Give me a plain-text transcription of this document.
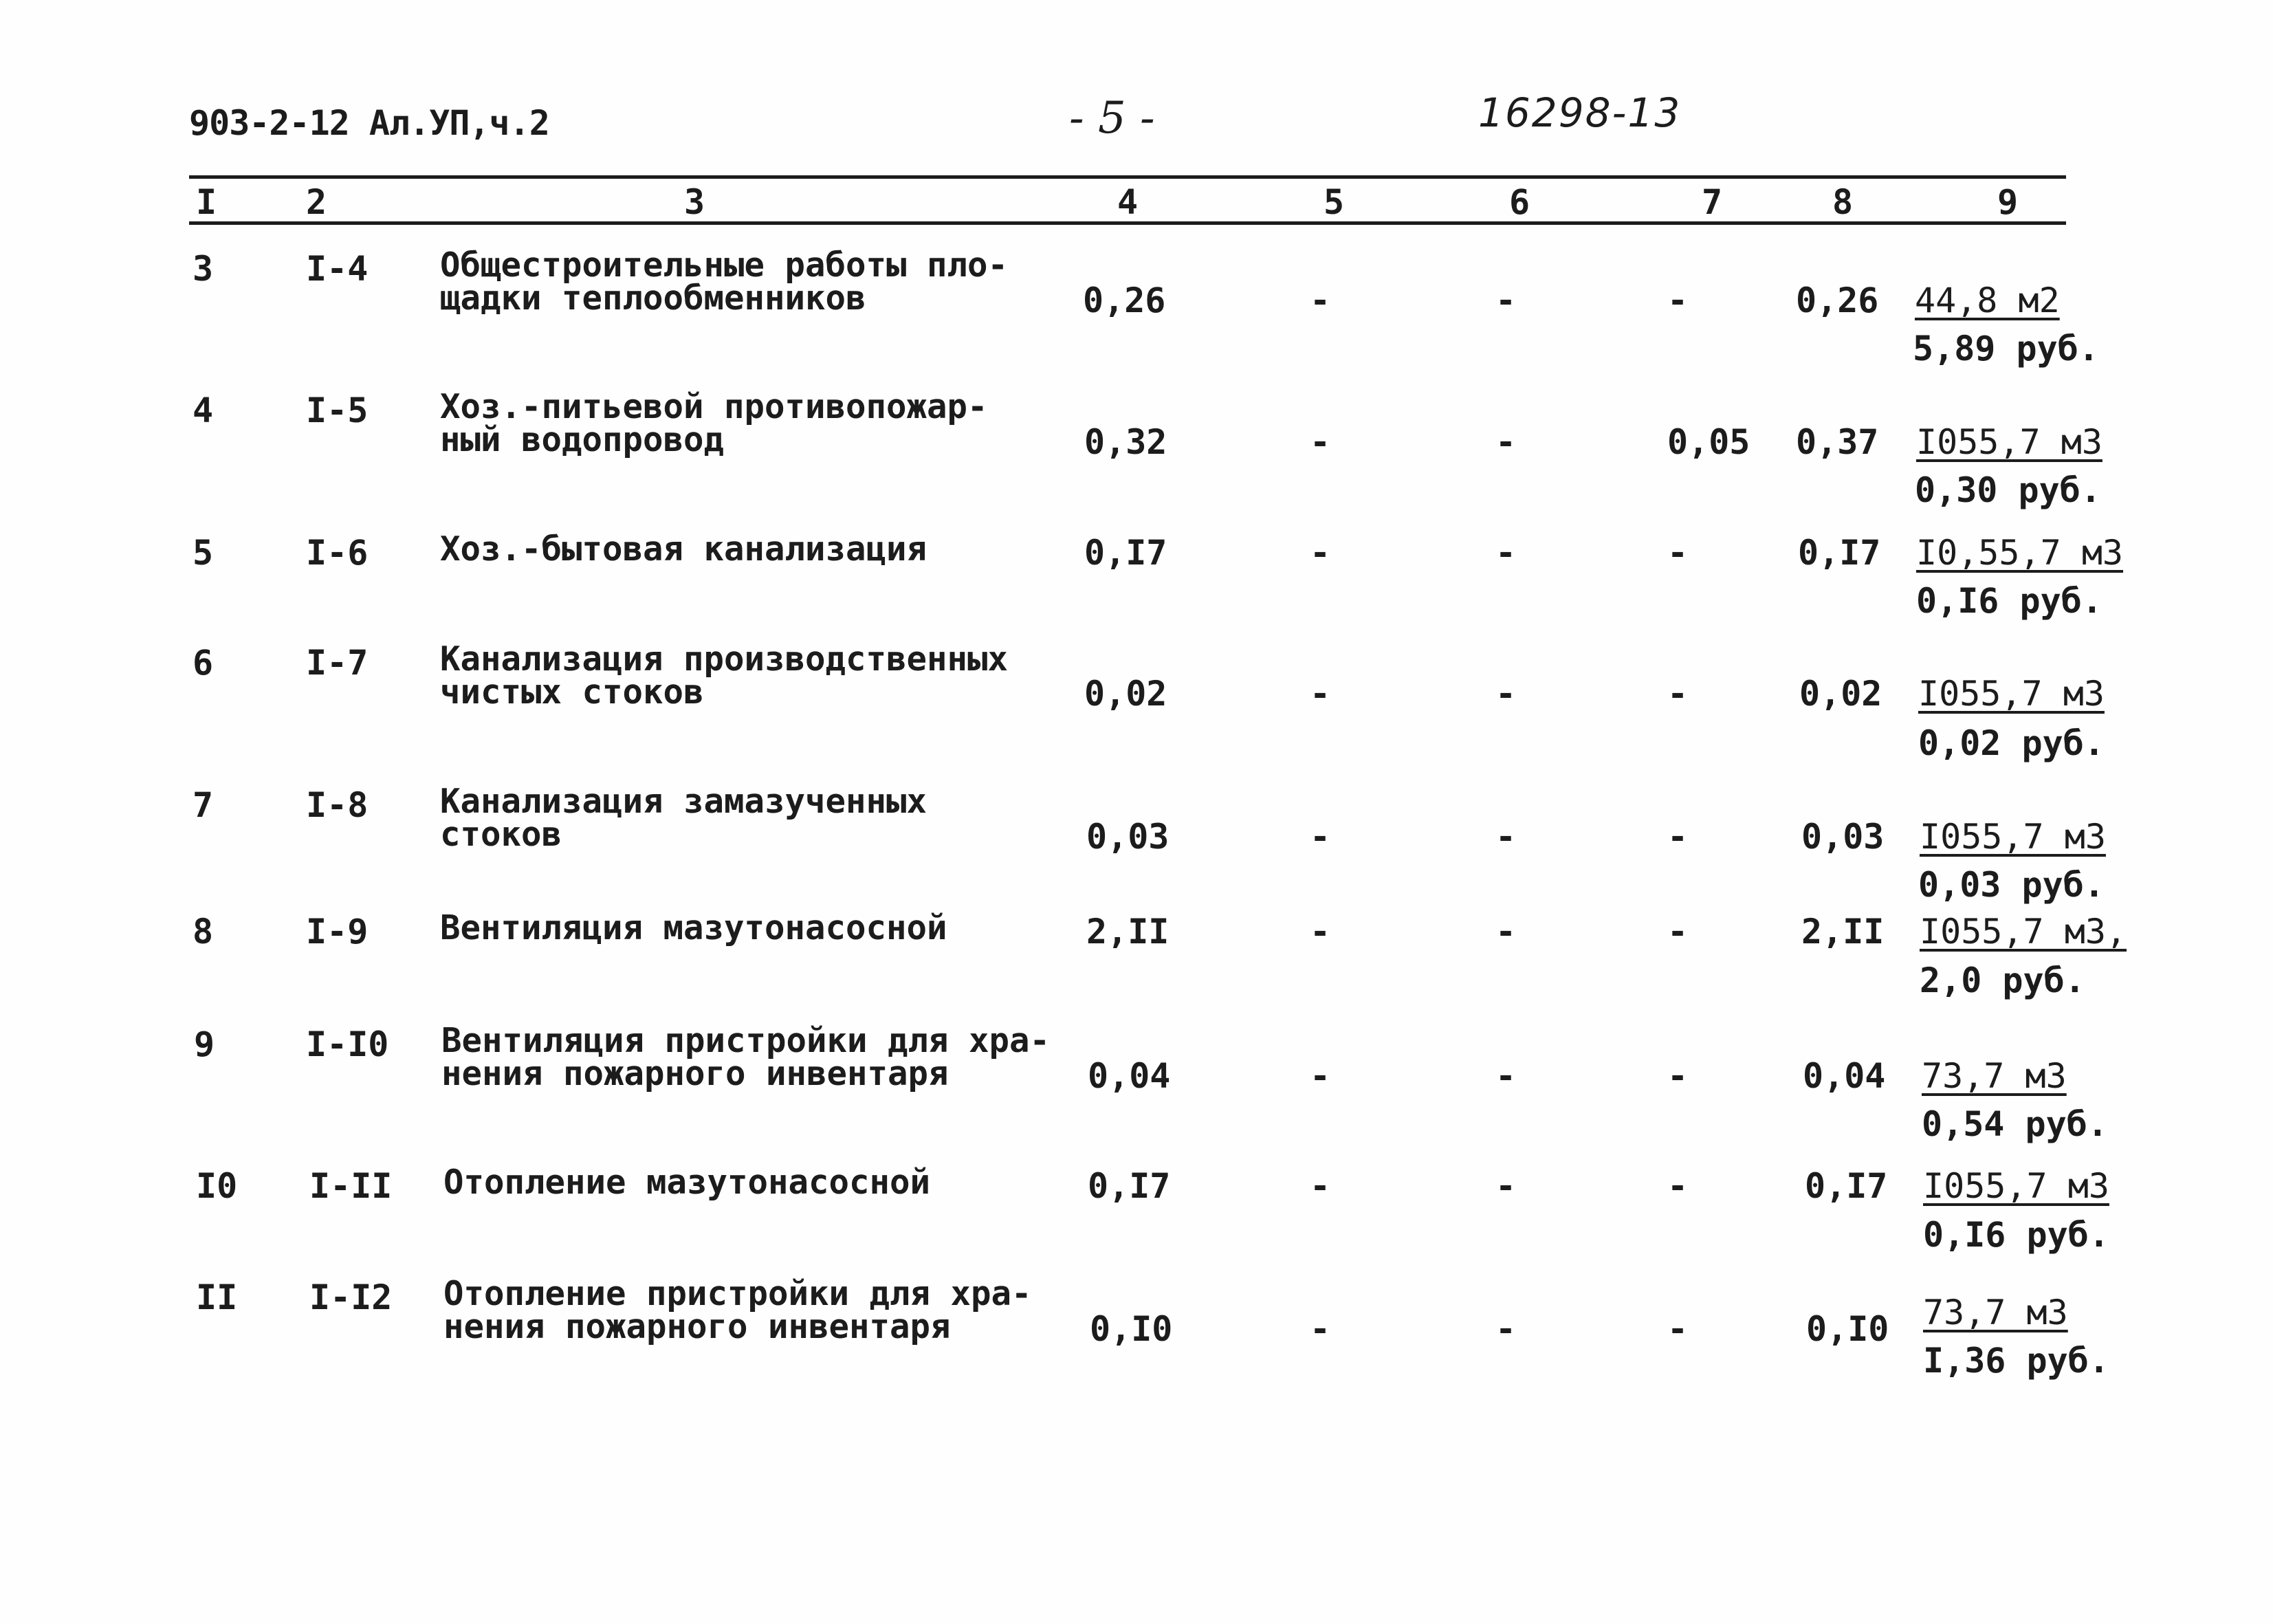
903-2-12 Ал.УП,ч.2	- 5 -	16298-13
I	2	3	4	5	6	7	8	9
3	I-4 Общестроительные работы пло-
щадки теплообменников	0,26	-	-	-	0,26 44,8 м2
5,89 руб.
4	I-5 Хоз.-питьевой противопожар-
ный водопровод	0,32	-	-	0,05 0,37 I055,7 м3
0,30 руб.
5	I-6 Хоз.-бытовая канализация	0,I7	-	-	-	0,I7 I0,55,7 м3
0,I6 руб.
6	I-7 Канализация производственных
чистых стоков	0,02	-	-	-	0,02 I055,7 м3
0,02 руб.
7	I-8 Канализация замазученных
стоков	0,03	-	-	-	0,03 I055,7 м3
0,03 руб.
8	I-9 Вентиляция мазутонасосной	2,II	-	-	-	2,II I055,7 м3,
2,0 руб.
9	I-I0 Вентиляция пристройки для хра-
нения пожарного инвентаря	0,04	-	-	-	0,04 73,7 м3
0,54 руб.
I0 I-II Отопление мазутонасосной	0,I7	-	-	-	0,I7 I055,7 м3
0,I6 руб.
II I-I2 Отопление пристройки для хра-
нения пожарного инвентаря	0,I0	-	-	-	0,I0 73,7 м3
I,36 руб.
